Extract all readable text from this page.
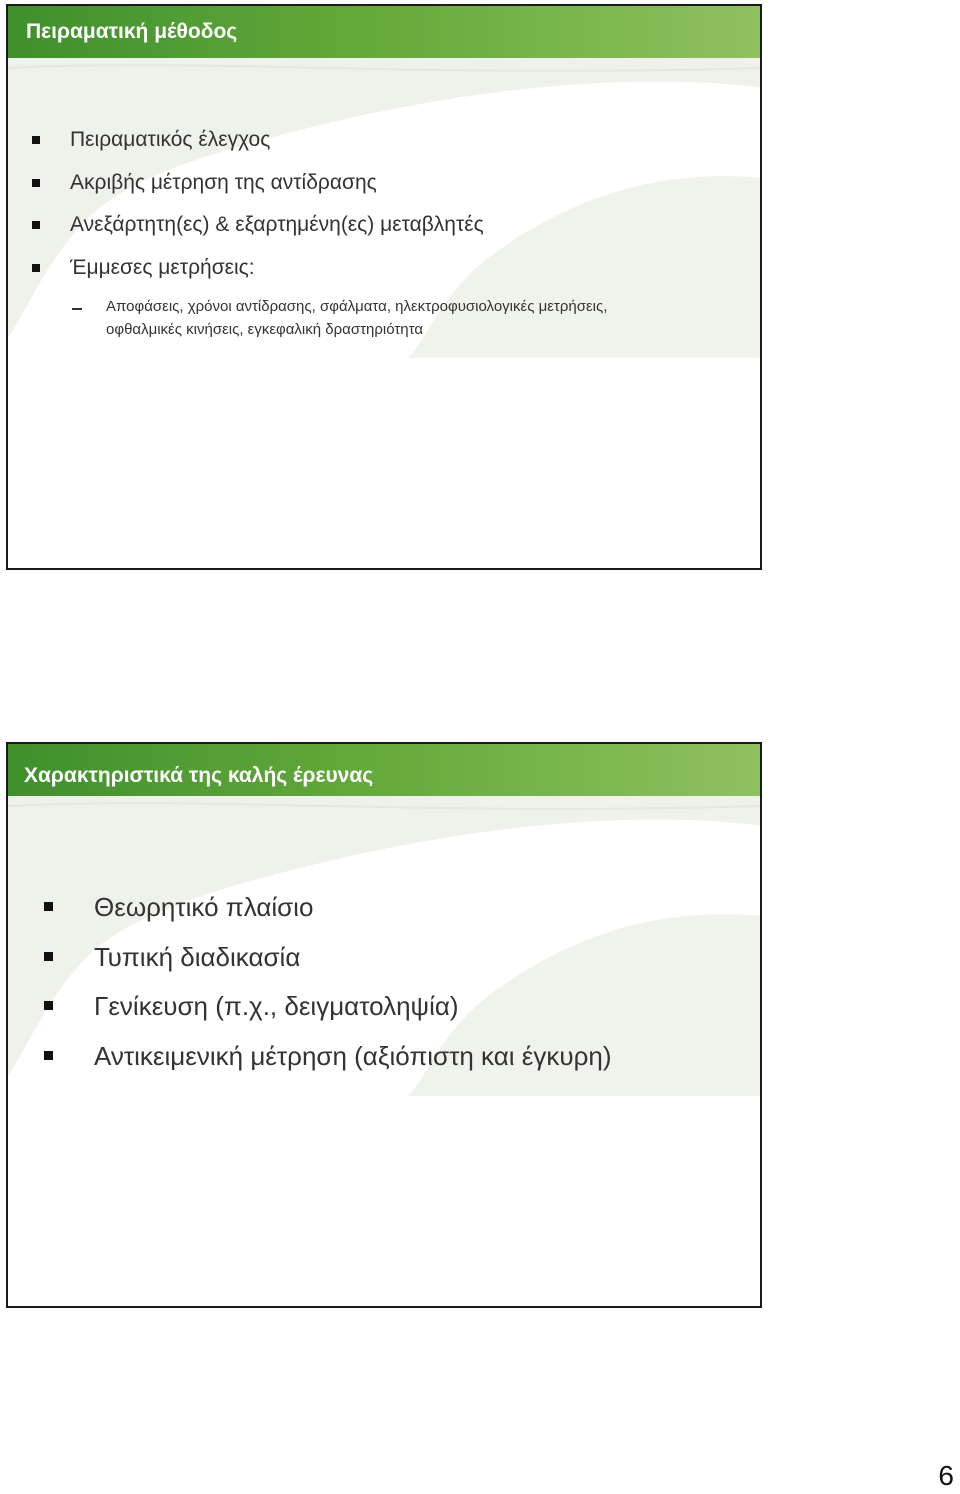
Πειραματική μέθοδος
Πειραματικός έλεγχος
Ακριβής μέτρηση της αντίδρασης
Ανεξάρτητη(ες) & εξαρτημένη(ες) μεταβλητές
Έμμεσες μετρήσεις:
Αποφάσεις, χρόνοι αντίδρασης, σφάλματα, ηλεκτροφυσιολογικές μετρήσεις,
οφθαλμικές κινήσεις, εγκεφαλική δραστηριότητα
Χαρακτηριστικά της καλής έρευνας
Θεωρητικό πλαίσιο
Τυπική διαδικασία
Γενίκευση (π.χ., δειγματοληψία)
Αντικειμενική μέτρηση (αξιόπιστη και έγκυρη)
6
